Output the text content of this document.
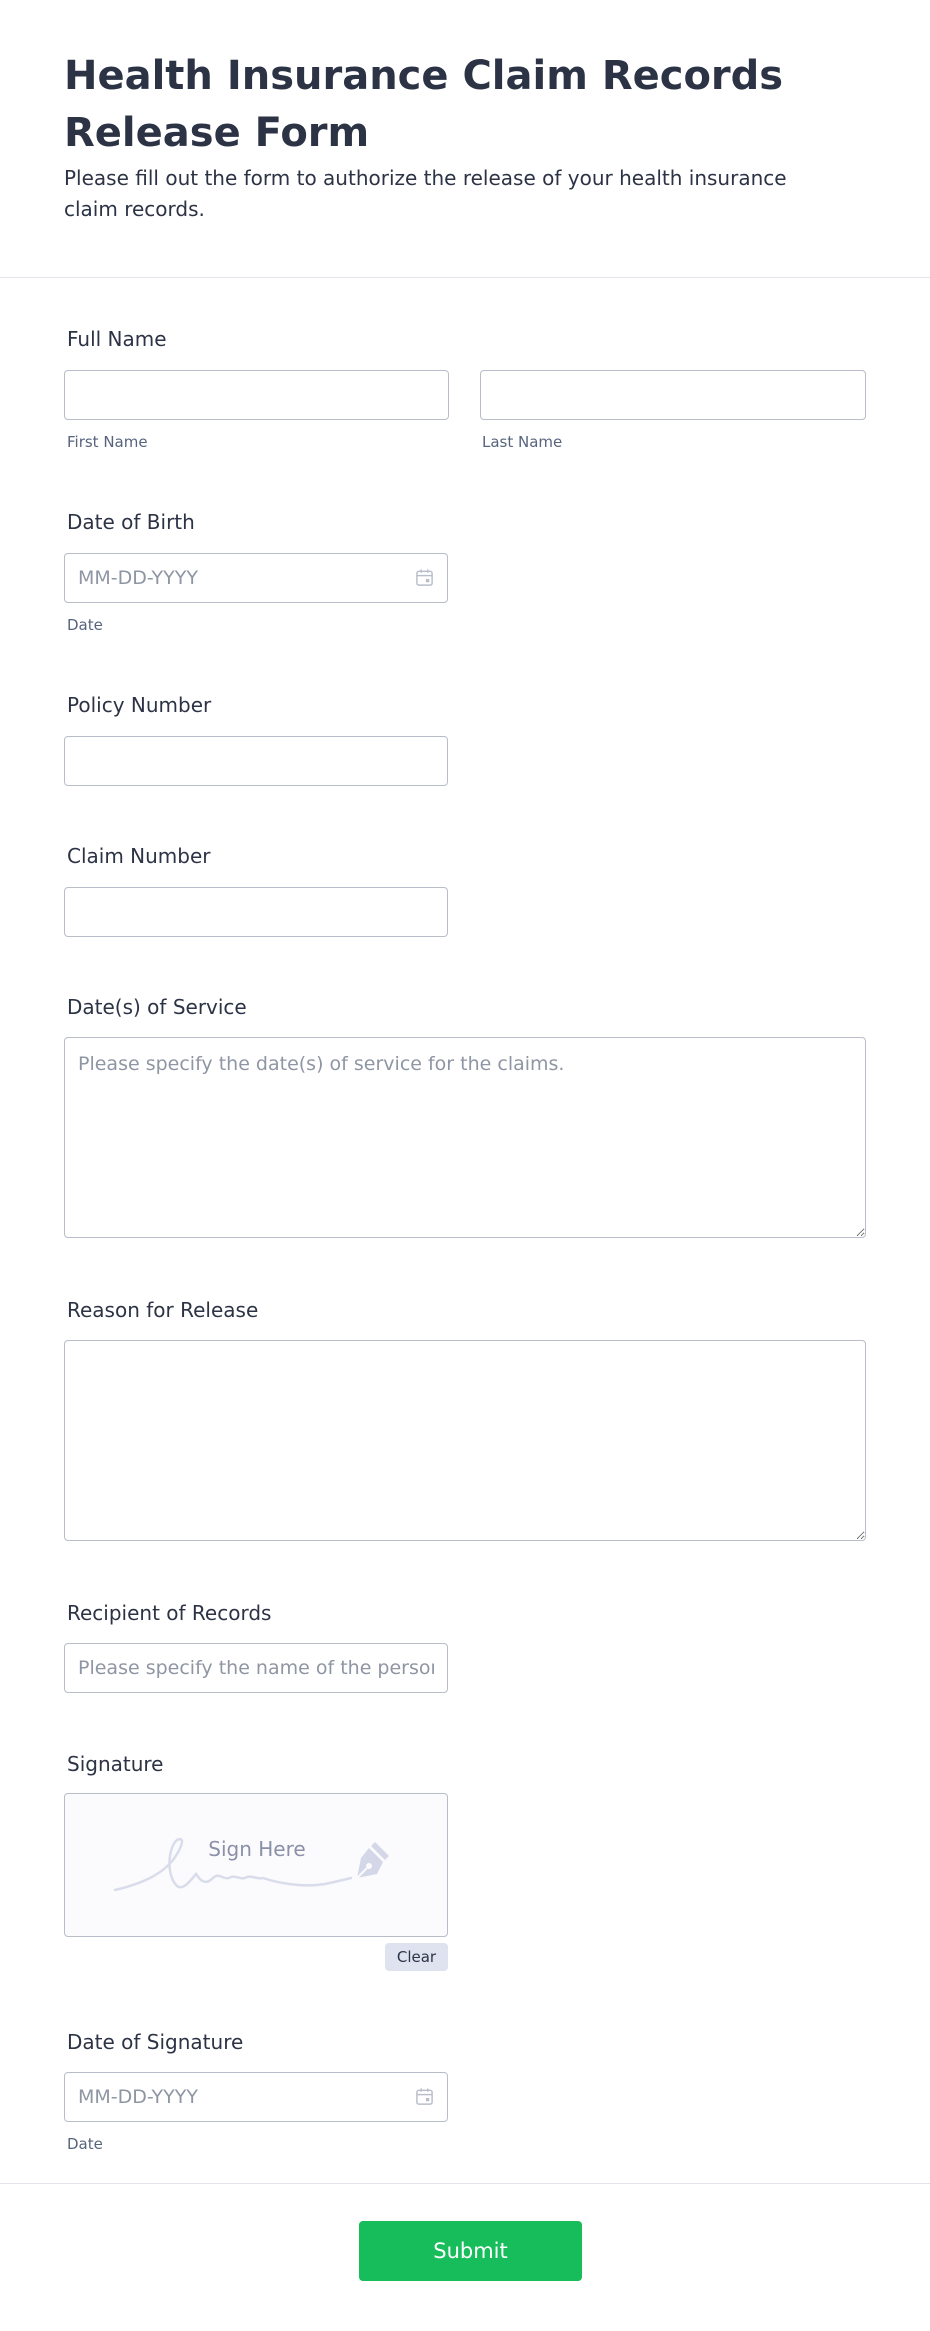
Health Insurance Claim Records Release Form

Please fill out the form to authorize the release of your health insurance claim records.

Full Name
First Name	Last Name
Date of Birth
MM-DD-YYYY
Date
Policy Number
Claim Number
Date(s) of Service
Please specify the date(s) of service for the claims.
Reason for Release
Recipient of Records
Please specify the name of the person or organization
Signature
Sign Here
Clear
Date of Signature
MM-DD-YYYY
Date
Submit
